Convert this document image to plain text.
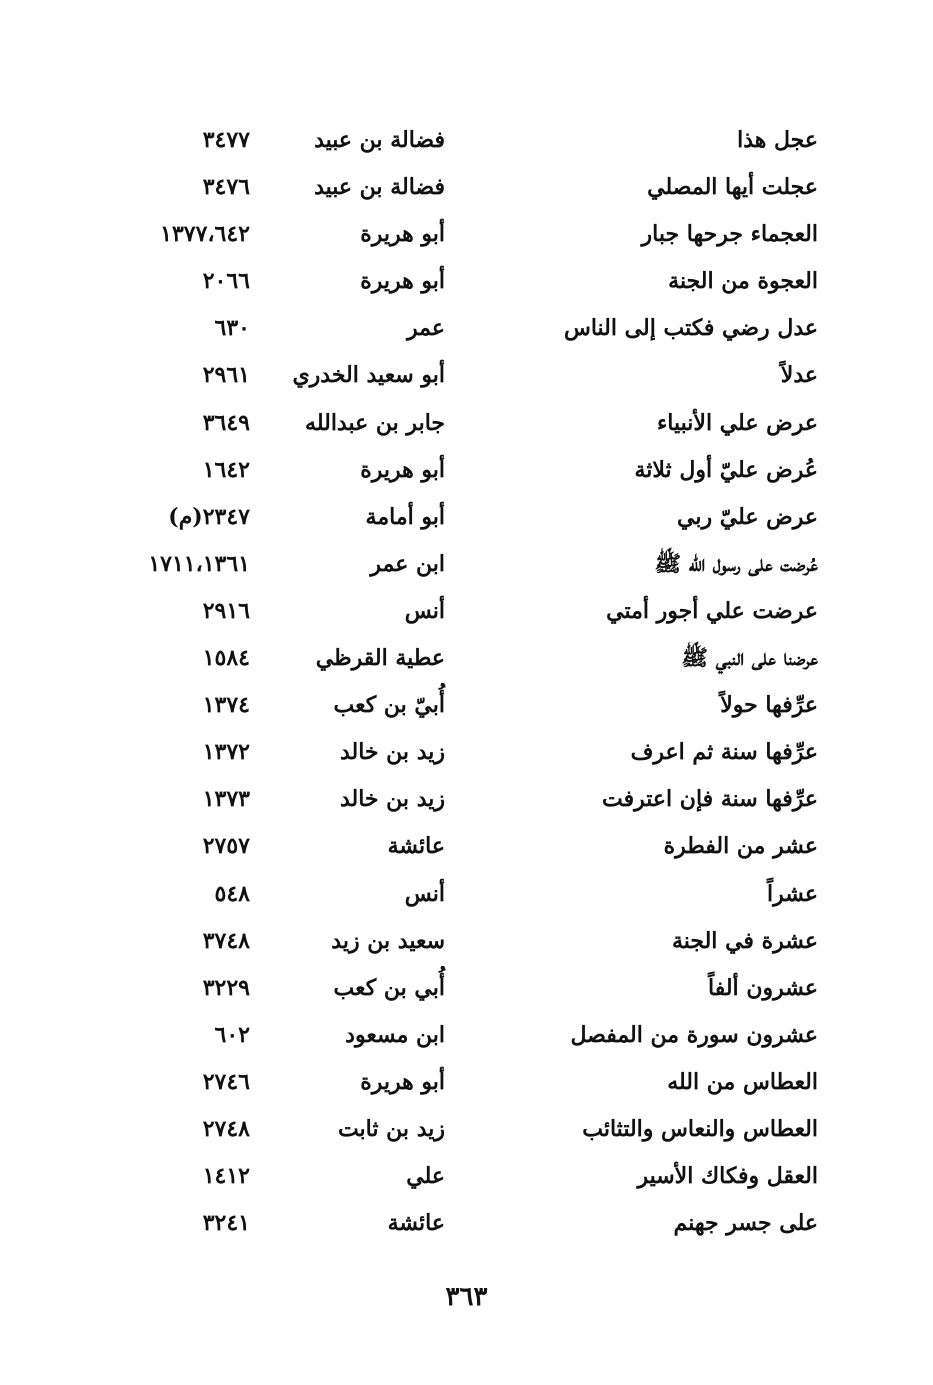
عجل هذا
فضالة بن عبيد
٣٤٧٧
عجلت أيها المصلي
فضالة بن عبيد
٣٤٧٦
العجماء جرحها جبار
أبو هريرة
١٣٧٧،٦٤٢
العجوة من الجنة
أبو هريرة
٢٠٦٦
عدل رضي فكتب إلى الناس
عمر
٦٣٠
عدلاً
أبو سعيد الخدري
٢٩٦١
عرض علي الأنبياء
جابر بن عبدالله
٣٦٤٩
عُرض عليّ أول ثلاثة
أبو هريرة
١٦٤٢
عرض عليّ ربي
أبو أمامة
٢٣٤٧(م)
عُرضت على رسول الله ﷺ
ابن عمر
١٧١١،١٣٦١
عرضت علي أجور أمتي
أنس
٢٩١٦
عرضنا على النبي ﷺ
عطية القرظي
١٥٨٤
عرِّفها حولاً
أُبيّ بن كعب
١٣٧٤
عرِّفها سنة ثم اعرف
زيد بن خالد
١٣٧٢
عرِّفها سنة فإن اعترفت
زيد بن خالد
١٣٧٣
عشر من الفطرة
عائشة
٢٧٥٧
عشراً
أنس
٥٤٨
عشرة في الجنة
سعيد بن زيد
٣٧٤٨
عشرون ألفاً
أُبي بن كعب
٣٢٢٩
عشرون سورة من المفصل
ابن مسعود
٦٠٢
العطاس من الله
أبو هريرة
٢٧٤٦
العطاس والنعاس والتثائب
زيد بن ثابت
٢٧٤٨
العقل وفكاك الأسير
علي
١٤١٢
على جسر جهنم
عائشة
٣٢٤١
٣٦٣
